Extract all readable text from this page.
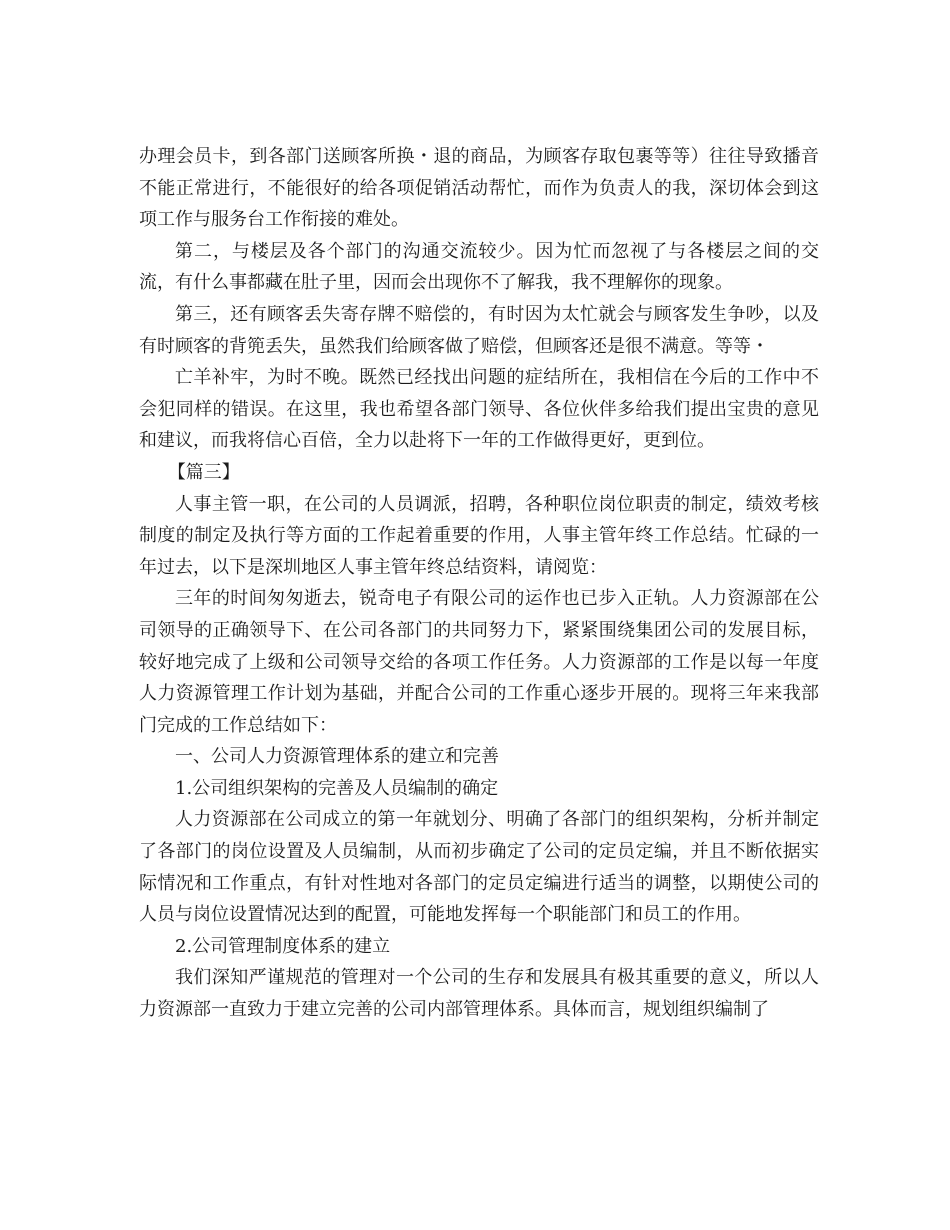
办理会员卡，到各部门送顾客所换・退的商品，为顾客存取包裹等等）往往导致播音不能正常进行，不能很好的给各项促销活动帮忙，而作为负责人的我，深切体会到这项工作与服务台工作衔接的难处。

第二，与楼层及各个部门的沟通交流较少。因为忙而忽视了与各楼层之间的交流，有什么事都藏在肚子里，因而会出现你不了解我，我不理解你的现象。

第三，还有顾客丢失寄存牌不赔偿的，有时因为太忙就会与顾客发生争吵，以及有时顾客的背篼丢失，虽然我们给顾客做了赔偿，但顾客还是很不满意。等等・

亡羊补牢，为时不晚。既然已经找出问题的症结所在，我相信在今后的工作中不会犯同样的错误。在这里，我也希望各部门领导、各位伙伴多给我们提出宝贵的意见和建议，而我将信心百倍，全力以赴将下一年的工作做得更好，更到位。

【篇三】

人事主管一职，在公司的人员调派，招聘，各种职位岗位职责的制定，绩效考核制度的制定及执行等方面的工作起着重要的作用，人事主管年终工作总结。忙碌的一年过去，以下是深圳地区人事主管年终总结资料，请阅览：

三年的时间匆匆逝去，锐奇电子有限公司的运作也已步入正轨。人力资源部在公司领导的正确领导下、在公司各部门的共同努力下，紧紧围绕集团公司的发展目标，较好地完成了上级和公司领导交给的各项工作任务。人力资源部的工作是以每一年度人力资源管理工作计划为基础，并配合公司的工作重心逐步开展的。现将三年来我部门完成的工作总结如下：

一、公司人力资源管理体系的建立和完善

1.公司组织架构的完善及人员编制的确定

人力资源部在公司成立的第一年就划分、明确了各部门的组织架构，分析并制定了各部门的岗位设置及人员编制，从而初步确定了公司的定员定编，并且不断依据实际情况和工作重点，有针对性地对各部门的定员定编进行适当的调整，以期使公司的人员与岗位设置情况达到的配置，可能地发挥每一个职能部门和员工的作用。

2.公司管理制度体系的建立

我们深知严谨规范的管理对一个公司的生存和发展具有极其重要的意义，所以人力资源部一直致力于建立完善的公司内部管理体系。具体而言，规划组织编制了
